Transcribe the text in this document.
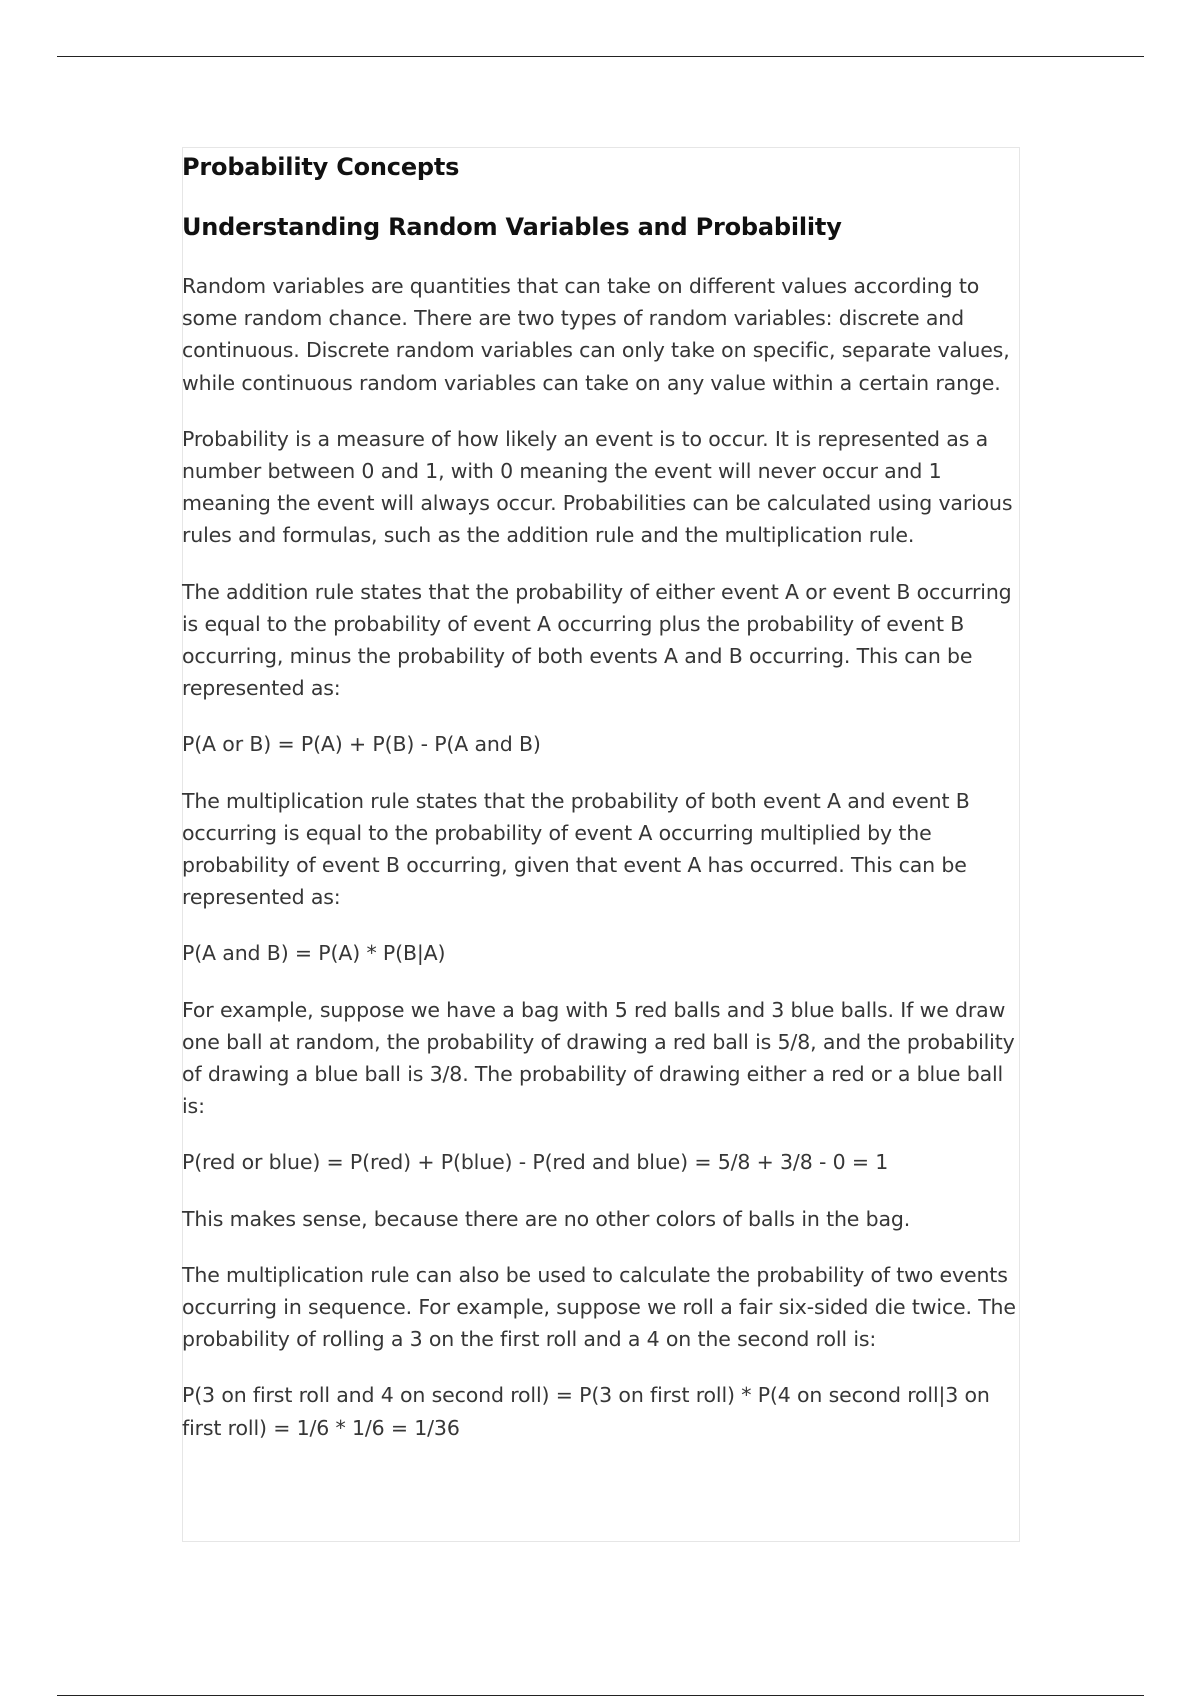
Probability Concepts
Understanding Random Variables and Probability

Random variables are quantities that can take on different values according to some random chance. There are two types of random variables: discrete and continuous. Discrete random variables can only take on specific, separate values, while continuous random variables can take on any value within a certain range.

Probability is a measure of how likely an event is to occur. It is represented as a number between 0 and 1, with 0 meaning the event will never occur and 1 meaning the event will always occur. Probabilities can be calculated using various rules and formulas, such as the addition rule and the multiplication rule.

The addition rule states that the probability of either event A or event B occurring is equal to the probability of event A occurring plus the probability of event B occurring, minus the probability of both events A and B occurring. This can be represented as:

P(A or B) = P(A) + P(B) - P(A and B)

The multiplication rule states that the probability of both event A and event B occurring is equal to the probability of event A occurring multiplied by the probability of event B occurring, given that event A has occurred. This can be represented as:

P(A and B) = P(A) * P(B|A)

For example, suppose we have a bag with 5 red balls and 3 blue balls. If we draw one ball at random, the probability of drawing a red ball is 5/8, and the probability of drawing a blue ball is 3/8. The probability of drawing either a red or a blue ball is:

P(red or blue) = P(red) + P(blue) - P(red and blue) = 5/8 + 3/8 - 0 = 1

This makes sense, because there are no other colors of balls in the bag.

The multiplication rule can also be used to calculate the probability of two events occurring in sequence. For example, suppose we roll a fair six-sided die twice. The probability of rolling a 3 on the first roll and a 4 on the second roll is:

P(3 on first roll and 4 on second roll) = P(3 on first roll) * P(4 on second roll|3 on first roll) = 1/6 * 1/6 = 1/36
